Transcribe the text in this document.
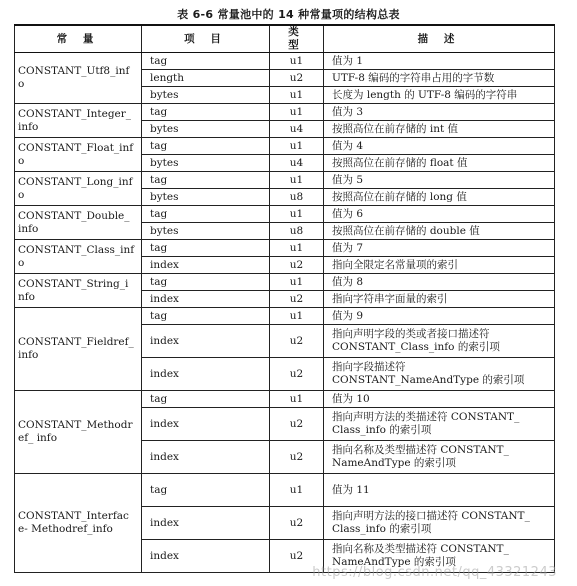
表 6-6 常量池中的 14 种常量项的结构总表
常 量	项 目	类 型	描 述
CONSTANT_Utf8_info	tag	u1	值为 1
	length	u2	UTF-8 编码的字符串占用的字节数
	bytes	u1	长度为 length 的 UTF-8 编码的字符串
CONSTANT_Integer_ info	tag	u1	值为 3
	bytes	u4	按照高位在前存储的 int 值
CONSTANT_Float_info	tag	u1	值为 4
	bytes	u4	按照高位在前存储的 float 值
CONSTANT_Long_info	tag	u1	值为 5
	bytes	u8	按照高位在前存储的 long 值
CONSTANT_Double_ info	tag	u1	值为 6
	bytes	u8	按照高位在前存储的 double 值
CONSTANT_Class_info	tag	u1	值为 7
	index	u2	指向全限定名常量项的索引
CONSTANT_String_info	tag	u1	值为 8
	index	u2	指向字符串字面量的索引
CONSTANT_Fieldref_ info	tag	u1	值为 9
	index	u2	指向声明字段的类或者接口描述符 CONSTANT_Class_info 的索引项
	index	u2	指向字段描述符 CONSTANT_NameAndType 的索引项
CONSTANT_Methodref_ info	tag	u1	值为 10
	index	u2	指向声明方法的类描述符 CONSTANT_ Class_info 的索引项
	index	u2	指向名称及类型描述符 CONSTANT_ NameAndType 的索引项
CONSTANT_Interface- Methodref_info	tag	u1	值为 11
	index	u2	指向声明方法的接口描述符 CONSTANT_ Class_info 的索引项
	index	u2	指向名称及类型描述符 CONSTANT_ NameAndType 的索引项
https://blog.csdn.net/qq_43321243
